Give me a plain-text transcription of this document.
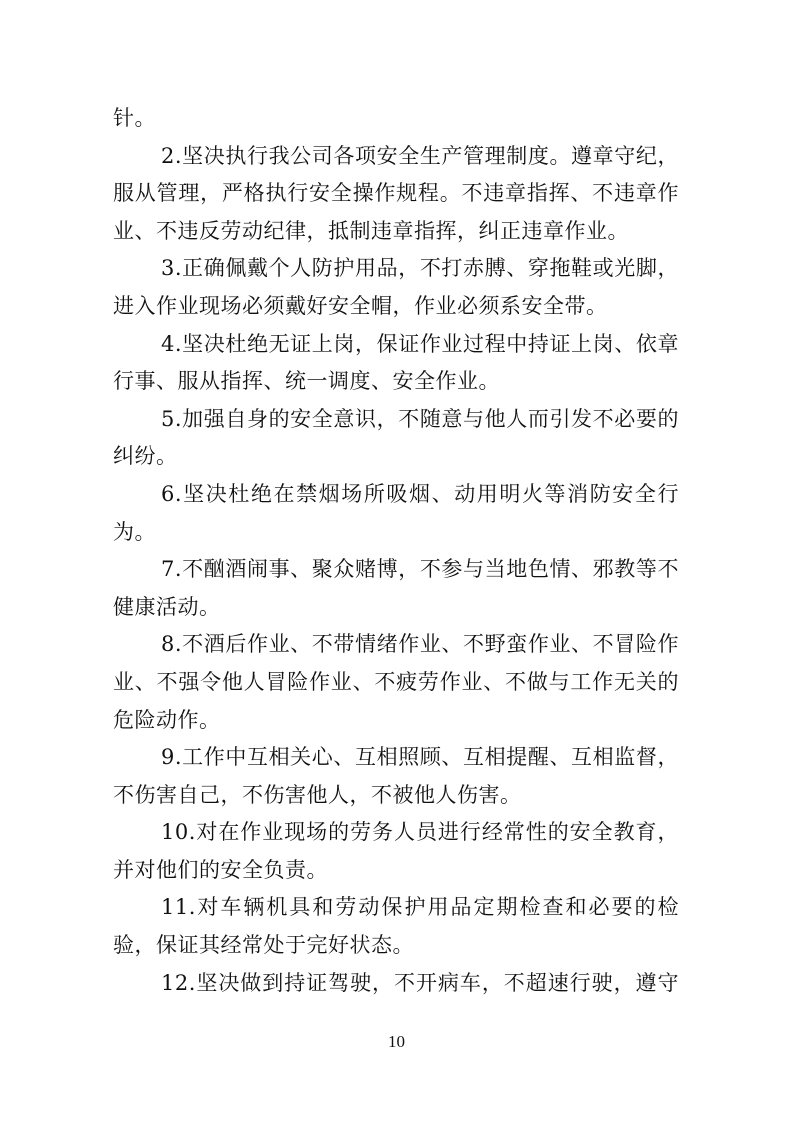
针。
2.坚决执行我公司各项安全生产管理制度。遵章守纪，
服从管理，严格执行安全操作规程。不违章指挥、不违章作
业、不违反劳动纪律，抵制违章指挥，纠正违章作业。
3.正确佩戴个人防护用品，不打赤膊、穿拖鞋或光脚，
进入作业现场必须戴好安全帽，作业必须系安全带。
4.坚决杜绝无证上岗，保证作业过程中持证上岗、依章
行事、服从指挥、统一调度、安全作业。
5.加强自身的安全意识，不随意与他人而引发不必要的
纠纷。
6.坚决杜绝在禁烟场所吸烟、动用明火等消防安全行
为。
7.不酗酒闹事、聚众赌博，不参与当地色情、邪教等不
健康活动。
8.不酒后作业、不带情绪作业、不野蛮作业、不冒险作
业、不强令他人冒险作业、不疲劳作业、不做与工作无关的
危险动作。
9.工作中互相关心、互相照顾、互相提醒、互相监督，
不伤害自己，不伤害他人，不被他人伤害。
10.对在作业现场的劳务人员进行经常性的安全教育，
并对他们的安全负责。
11.对车辆机具和劳动保护用品定期检查和必要的检
验，保证其经常处于完好状态。
12.坚决做到持证驾驶，不开病车，不超速行驶，遵守
10
